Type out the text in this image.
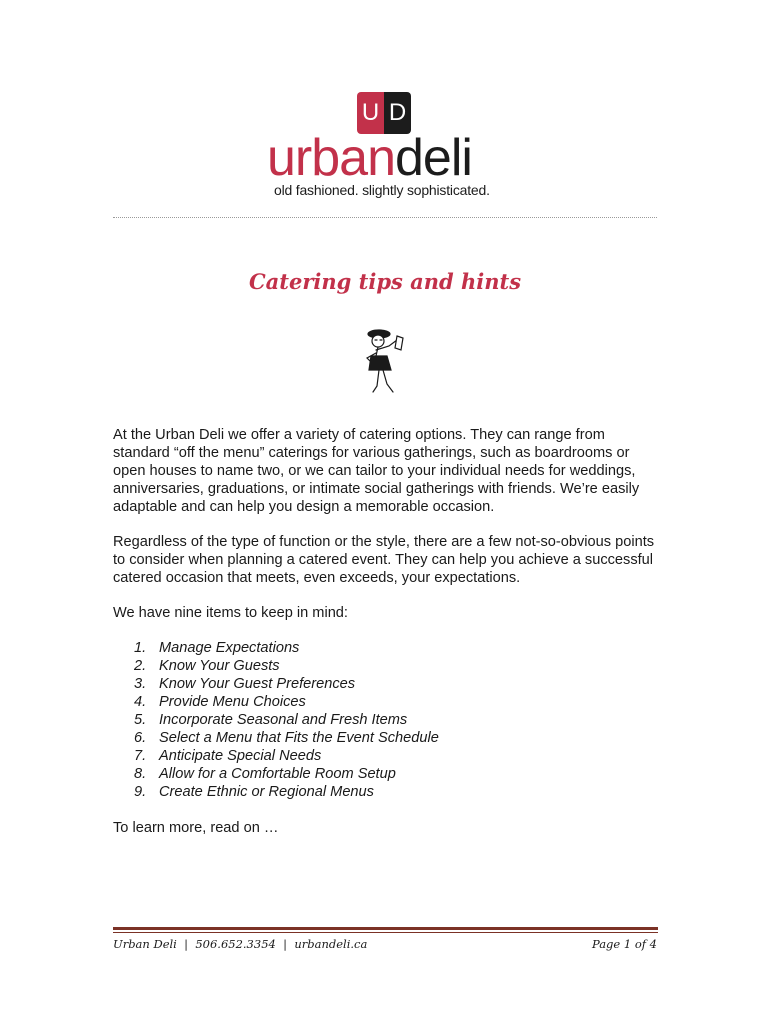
U D
urbandeli
old fashioned. slightly sophisticated.
Catering tips and hints

At the Urban Deli we offer a variety of catering options. They can range from standard “off the menu” caterings for various gatherings, such as boardrooms or open houses to name two, or we can tailor to your individual needs for weddings, anniversaries, graduations, or intimate social gatherings with friends. We’re easily adaptable and can help you design a memorable occasion.

Regardless of the type of function or the style, there are a few not-so-obvious points to consider when planning a catered event. They can help you achieve a successful catered occasion that meets, even exceeds, your expectations.

We have nine items to keep in mind:

1. Manage Expectations
2. Know Your Guests
3. Know Your Guest Preferences
4. Provide Menu Choices
5. Incorporate Seasonal and Fresh Items
6. Select a Menu that Fits the Event Schedule
7. Anticipate Special Needs
8. Allow for a Comfortable Room Setup
9. Create Ethnic or Regional Menus

To learn more, read on …

Urban Deli  |  506.652.3354  |  urbandeli.ca	Page 1 of 4
